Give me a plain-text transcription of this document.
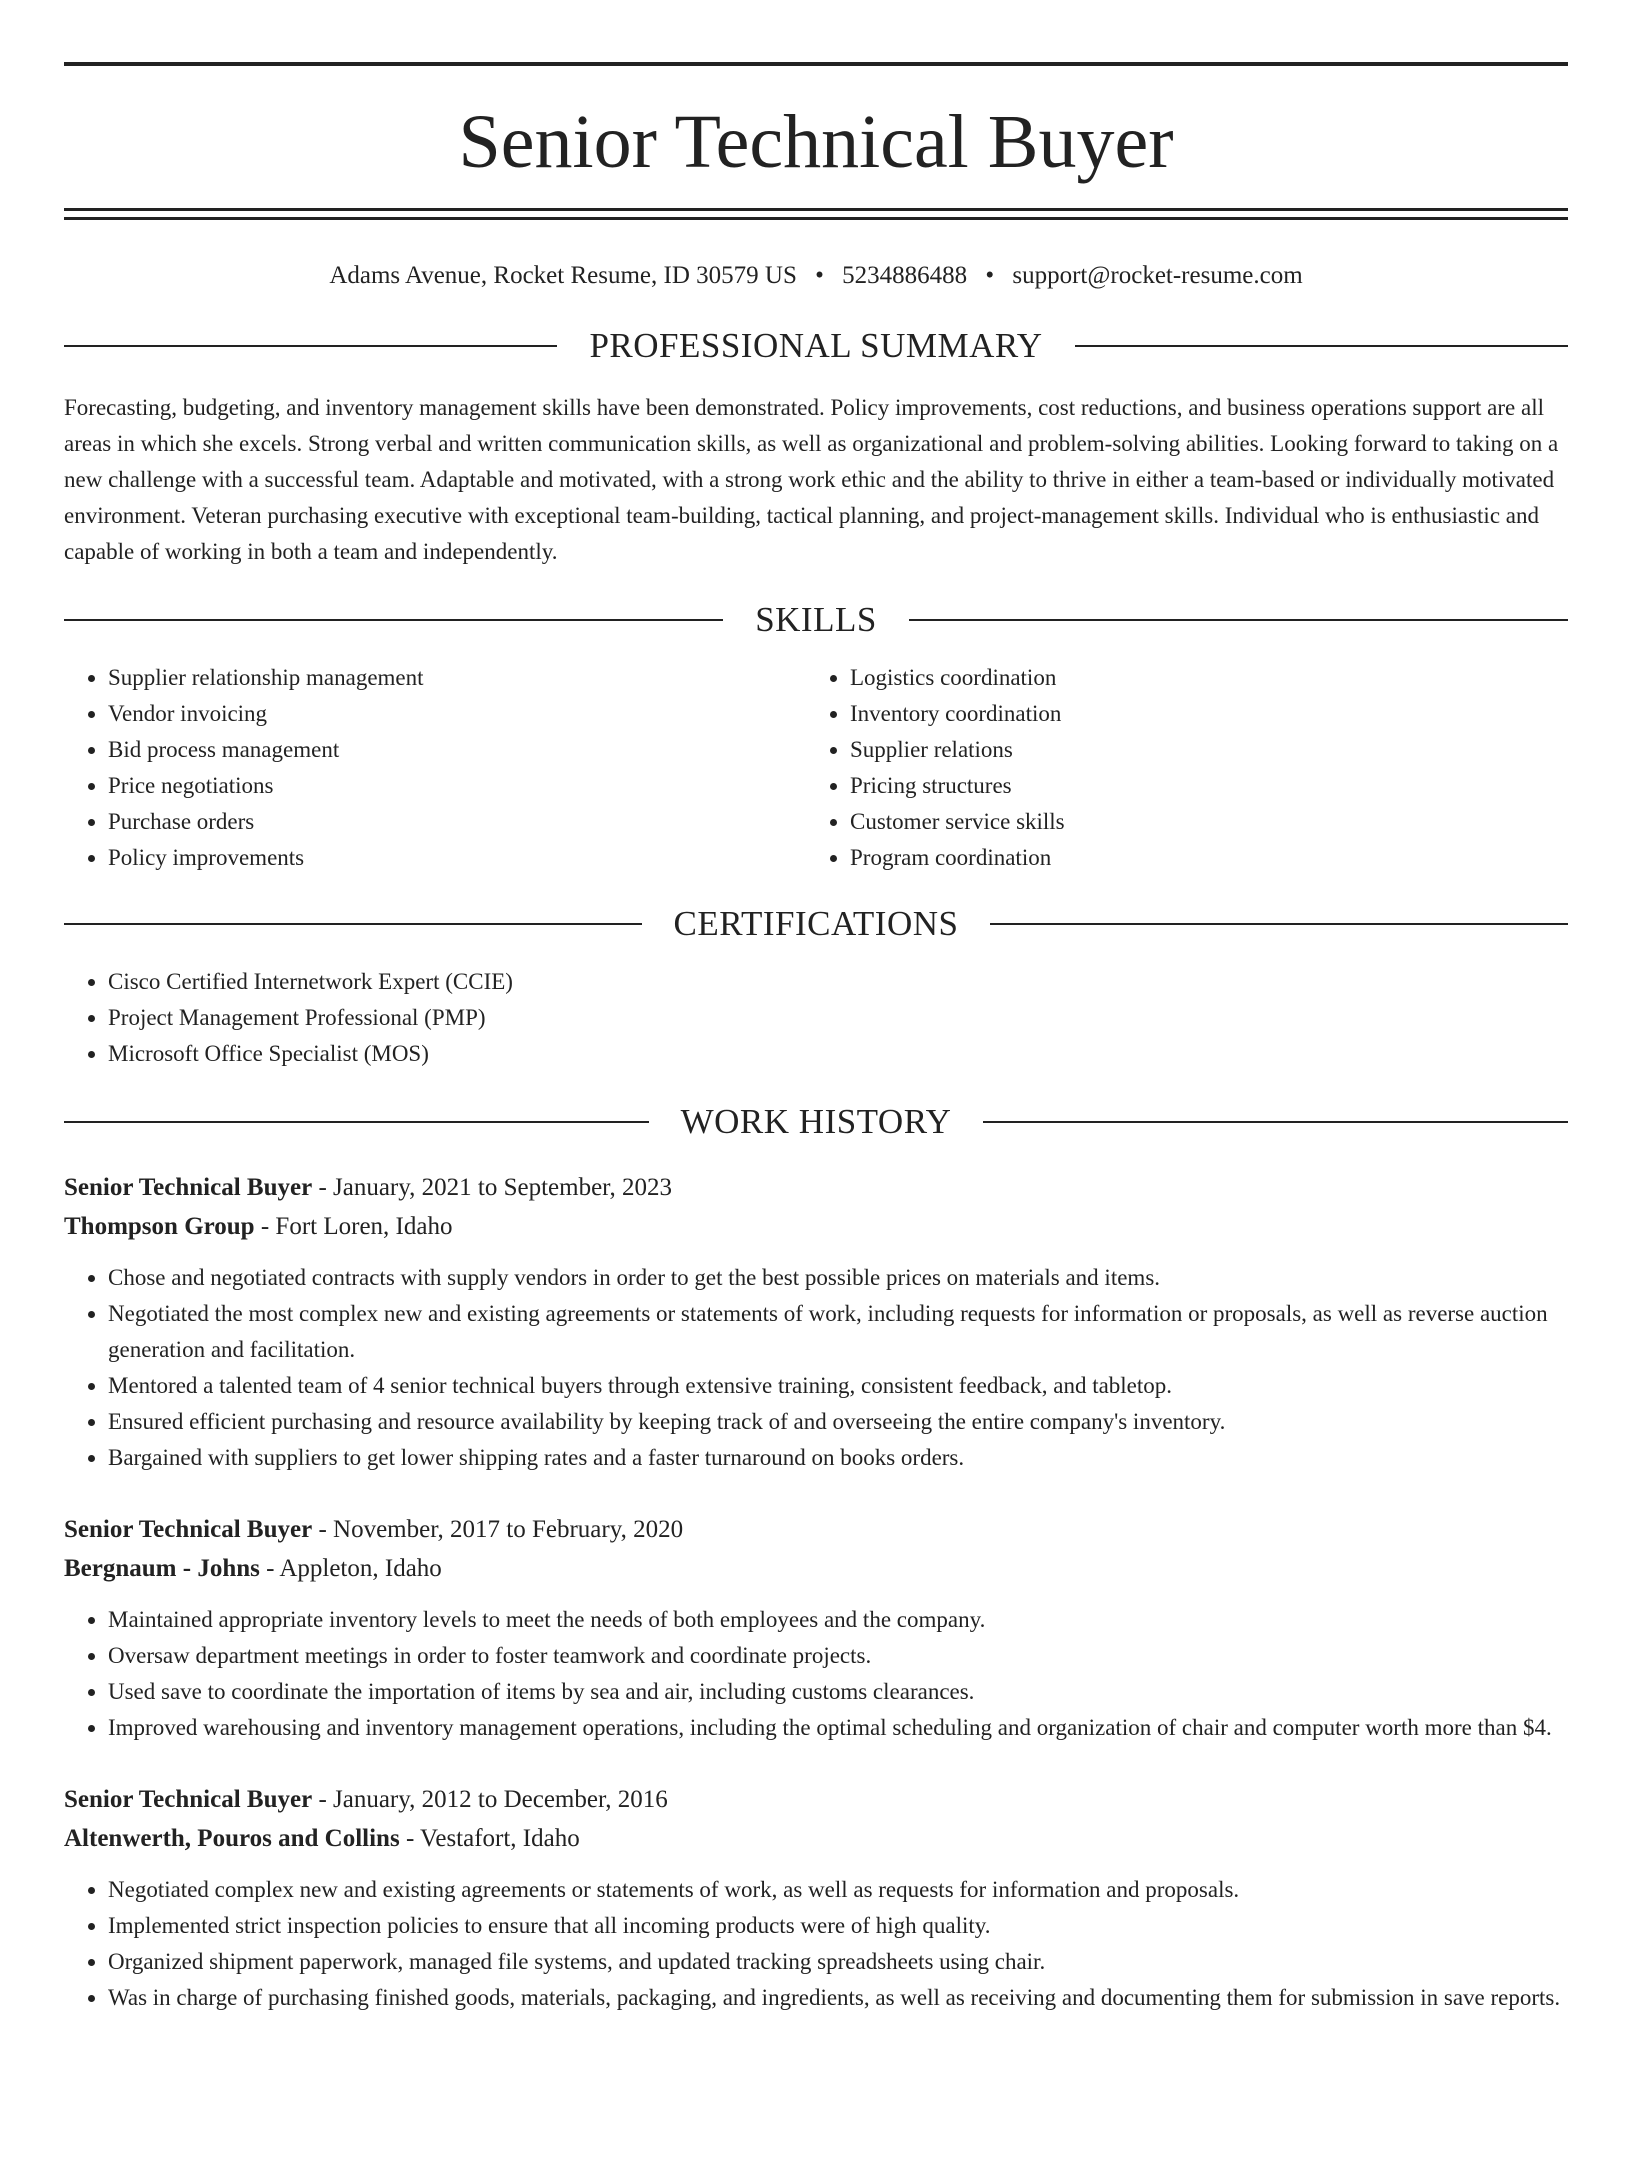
Senior Technical Buyer
Adams Avenue, Rocket Resume, ID 30579 US • 5234886488 • support@rocket-resume.com
PROFESSIONAL SUMMARY

Forecasting, budgeting, and inventory management skills have been demonstrated. Policy improvements, cost reductions, and business operations support are all areas in which she excels. Strong verbal and written communication skills, as well as organizational and problem-solving abilities. Looking forward to taking on a new challenge with a successful team. Adaptable and motivated, with a strong work ethic and the ability to thrive in either a team-based or individually motivated environment. Veteran purchasing executive with exceptional team-building, tactical planning, and project-management skills. Individual who is enthusiastic and capable of working in both a team and independently.

SKILLS
• Supplier relationship management
• Vendor invoicing
• Bid process management
• Price negotiations
• Purchase orders
• Policy improvements
• Logistics coordination
• Inventory coordination
• Supplier relations
• Pricing structures
• Customer service skills
• Program coordination
CERTIFICATIONS
• Cisco Certified Internetwork Expert (CCIE)
• Project Management Professional (PMP)
• Microsoft Office Specialist (MOS)
WORK HISTORY
Senior Technical Buyer - January, 2021 to September, 2023
Thompson Group - Fort Loren, Idaho
• Chose and negotiated contracts with supply vendors in order to get the best possible prices on materials and items.
• Negotiated the most complex new and existing agreements or statements of work, including requests for information or proposals, as well as reverse auction generation and facilitation.
• Mentored a talented team of 4 senior technical buyers through extensive training, consistent feedback, and tabletop.
• Ensured efficient purchasing and resource availability by keeping track of and overseeing the entire company's inventory.
• Bargained with suppliers to get lower shipping rates and a faster turnaround on books orders.
Senior Technical Buyer - November, 2017 to February, 2020
Bergnaum - Johns - Appleton, Idaho
• Maintained appropriate inventory levels to meet the needs of both employees and the company.
• Oversaw department meetings in order to foster teamwork and coordinate projects.
• Used save to coordinate the importation of items by sea and air, including customs clearances.
• Improved warehousing and inventory management operations, including the optimal scheduling and organization of chair and computer worth more than $4.
Senior Technical Buyer - January, 2012 to December, 2016
Altenwerth, Pouros and Collins - Vestafort, Idaho
• Negotiated complex new and existing agreements or statements of work, as well as requests for information and proposals.
• Implemented strict inspection policies to ensure that all incoming products were of high quality.
• Organized shipment paperwork, managed file systems, and updated tracking spreadsheets using chair.
• Was in charge of purchasing finished goods, materials, packaging, and ingredients, as well as receiving and documenting them for submission in save reports.
